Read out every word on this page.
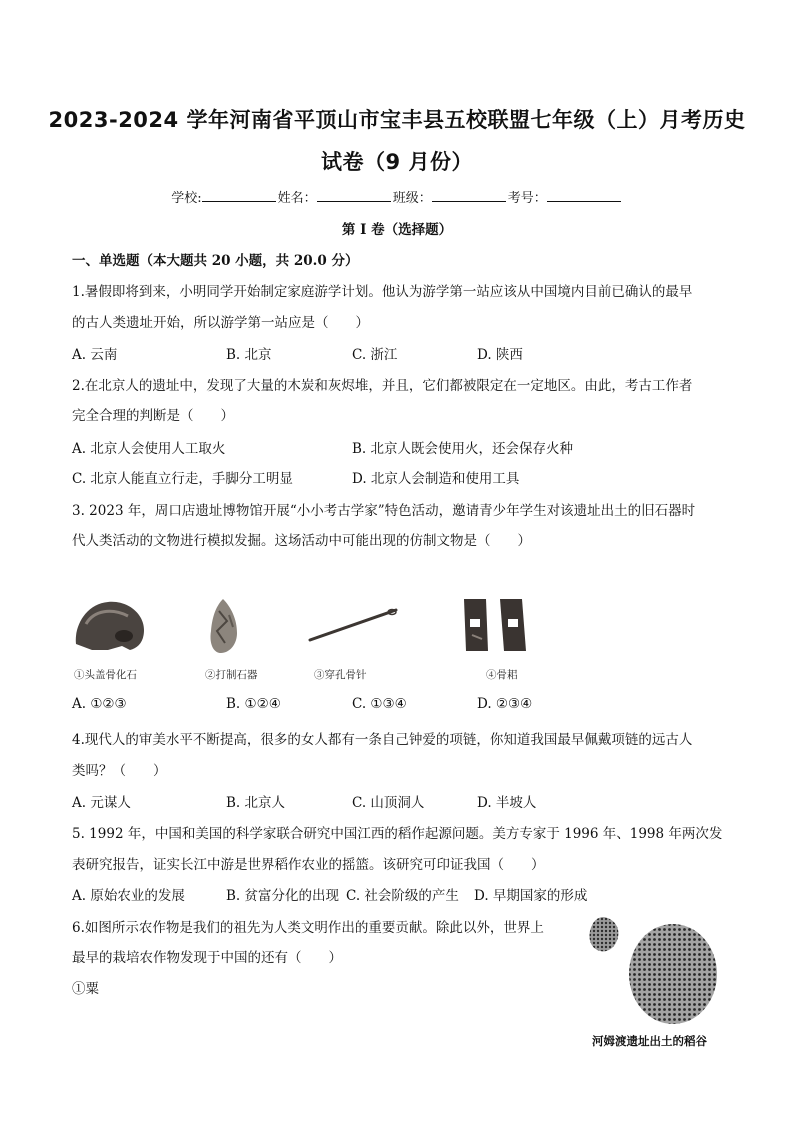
2023-2024 学年河南省平顶山市宝丰县五校联盟七年级（上）月考历史
试卷（9 月份）
学校:	姓名：	班级：	考号：
第 I 卷（选择题）
一、单选题（本大题共 20 小题，共 20.0 分）
1.暑假即将到来，小明同学开始制定家庭游学计划。他认为游学第一站应该从中国境内目前已确认的最早
的古人类遗址开始，所以游学第一站应是（　　）
A. 云南	B. 北京	C. 浙江	D. 陕西
2.在北京人的遗址中，发现了大量的木炭和灰烬堆，并且，它们都被限定在一定地区。由此，考古工作者
完全合理的判断是（　　）
A. 北京人会使用人工取火	B. 北京人既会使用火，还会保存火种
C. 北京人能直立行走，手脚分工明显	D. 北京人会制造和使用工具
3. 2023 年，周口店遗址博物馆开展“小小考古学家”特色活动，邀请青少年学生对该遗址出土的旧石器时
代人类活动的文物进行模拟发掘。这场活动中可能出现的仿制文物是（　　）
①头盖骨化石	②打制石器	③穿孔骨针	④骨耜
A. ①②③	B. ①②④	C. ①③④	D. ②③④
4.现代人的审美水平不断提高，很多的女人都有一条自己钟爱的项链，你知道我国最早佩戴项链的远古人
类吗？（　　）
A. 元谋人	B. 北京人	C. 山顶洞人	D. 半坡人
5. 1992 年，中国和美国的科学家联合研究中国江西的稻作起源问题。美方专家于 1996 年、1998 年两次发
表研究报告，证实长江中游是世界稻作农业的摇篮。该研究可印证我国（　　）
A. 原始农业的发展	B. 贫富分化的出现 C. 社会阶级的产生 D. 早期国家的形成
6.如图所示农作物是我们的祖先为人类文明作出的重要贡献。除此以外，世界上
最早的栽培农作物发现于中国的还有（　　）
①粟
河姆渡遗址出土的稻谷
